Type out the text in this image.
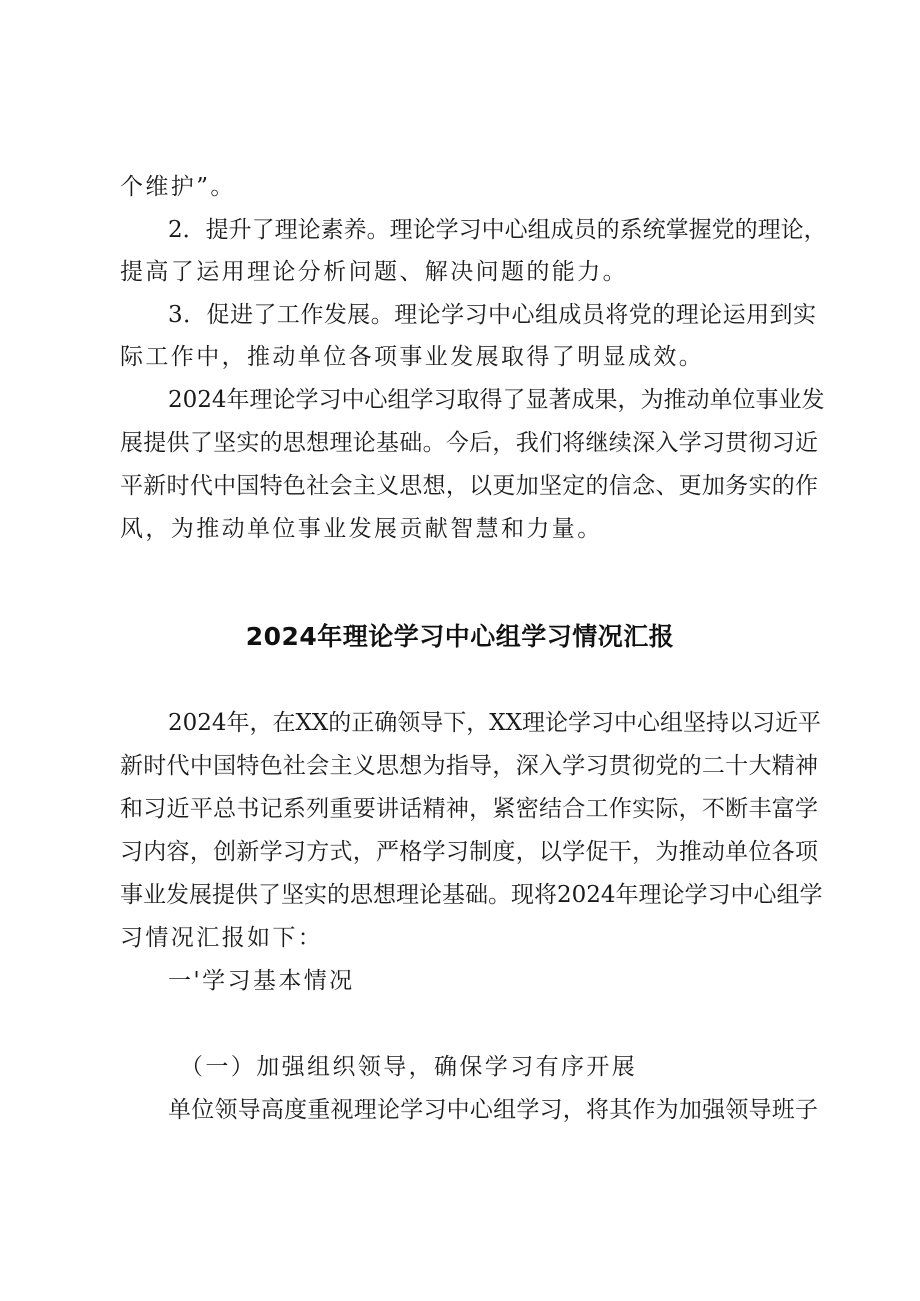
个维护”。

2．提升了理论素养。理论学习中心组成员的系统掌握党的理论，

提高了运用理论分析问题、解决问题的能力。

3．促进了工作发展。理论学习中心组成员将党的理论运用到实

际工作中，推动单位各项事业发展取得了明显成效。

2024年理论学习中心组学习取得了显著成果，为推动单位事业发

展提供了坚实的思想理论基础。今后，我们将继续深入学习贯彻习近

平新时代中国特色社会主义思想，以更加坚定的信念、更加务实的作

风，为推动单位事业发展贡献智慧和力量。

2024年理论学习中心组学习情况汇报

2024年，在XX的正确领导下，XX理论学习中心组坚持以习近平

新时代中国特色社会主义思想为指导，深入学习贯彻党的二十大精神

和习近平总书记系列重要讲话精神，紧密结合工作实际，不断丰富学

习内容，创新学习方式，严格学习制度，以学促干，为推动单位各项

事业发展提供了坚实的思想理论基础。现将2024年理论学习中心组学

习情况汇报如下：

一'学习基本情况

（一）加强组织领导，确保学习有序开展

单位领导高度重视理论学习中心组学习，将其作为加强领导班子
